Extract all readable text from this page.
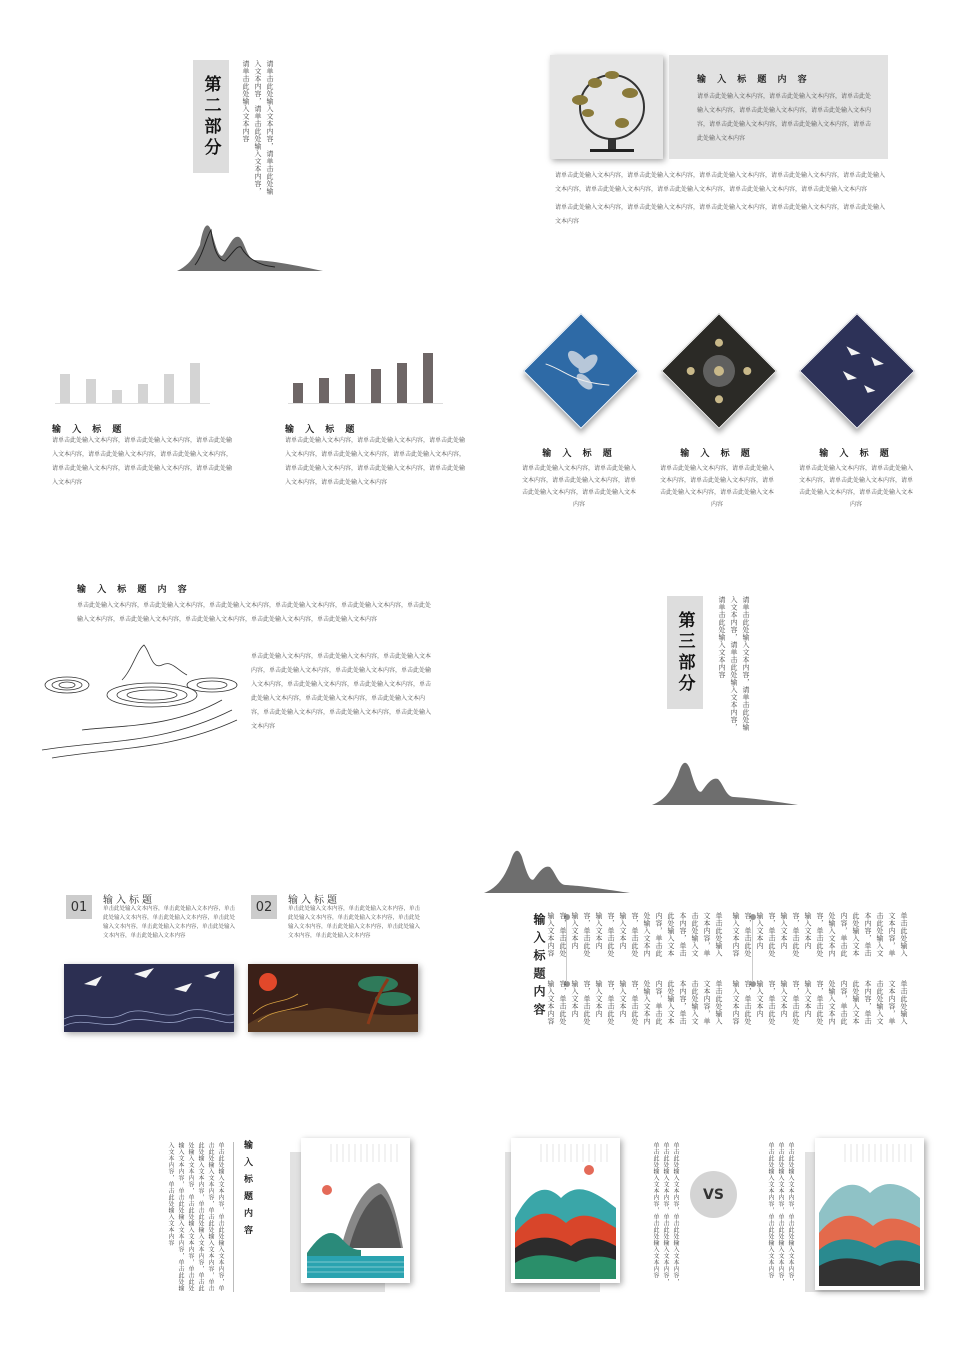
第二部分	请单击此处输入文本内容，请单击此处输入文本内容，请单击此处输入文本内容，请单击此处输入文本内容	输 入 标 题 内 容
请单击此处输入文本内容，请单击此处输入文本内容，请单击此处输入文本内容，请单击此处输入文本内容，请单击此处输入文本内容，请单击此处输入文本内容，请单击此处输入文本内容，请单击此处输入文本内容
请单击此处输入文本内容，请单击此处输入文本内容，请单击此处输入文本内容，请单击此处输入文本内容，请单击此处输入文本内容，请单击此处输入文本内容，请单击此处输入文本内容，请单击此处输入文本内容，请单击此处输入文本内容
请单击此处输入文本内容，请单击此处输入文本内容，请单击此处输入文本内容，请单击此处输入文本内容，请单击此处输入文本内容
输 入 标 题
请单击此处输入文本内容，请单击此处输入文本内容，请单击此处输入文本内容，请单击此处输入文本内容，请单击此处输入文本内容，请单击此处输入文本内容，请单击此处输入文本内容，请单击此处输入文本内容
输 入 标 题
请单击此处输入文本内容，请单击此处输入文本内容，请单击此处输入文本内容，请单击此处输入文本内容，请单击此处输入文本内容，请单击此处输入文本内容，请单击此处输入文本内容，请单击此处输入文本内容，请单击此处输入文本内容
输 入 标 题
请单击此处输入文本内容，请单击此处输入文本内容，请单击此处输入文本内容，请单击此处输入文本内容，请单击此处输入文本内容
输 入 标 题
请单击此处输入文本内容，请单击此处输入文本内容，请单击此处输入文本内容，请单击此处输入文本内容，请单击此处输入文本内容
输 入 标 题
请单击此处输入文本内容，请单击此处输入文本内容，请单击此处输入文本内容，请单击此处输入文本内容，请单击此处输入文本内容
输 入 标 题 内 容
单击此处输入文本内容，单击此处输入文本内容，单击此处输入文本内容，单击此处输入文本内容，单击此处输入文本内容，单击此处输入文本内容，单击此处输入文本内容，单击此处输入文本内容，单击此处输入文本内容，单击此处输入文本内容
单击此处输入文本内容，单击此处输入文本内容，单击此处输入文本内容，单击此处输入文本内容，单击此处输入文本内容，单击此处输入文本内容，单击此处输入文本内容，单击此处输入文本内容，单击此处输入文本内容，单击此处输入文本内容，单击此处输入文本内容，单击此处输入文本内容，单击此处输入文本内容，单击此处输入文本内容
第三部分	请单击此处输入文本内容，请单击此处输入文本内容，请单击此处输入文本内容，请单击此处输入文本内容
01	输入标题
单击此处输入文本内容，单击此处输入文本内容，单击此处输入文本内容，单击此处输入文本内容，单击此处输入文本内容，单击此处输入文本内容，单击此处输入文本内容，单击此处输入文本内容
02	输入标题
单击此处输入文本内容，单击此处输入文本内容，单击此处输入文本内容，单击此处输入文本内容，单击此处输入文本内容，单击此处输入文本内容，单击此处输入文本内容，单击此处输入文本内容	输入标题内容	单击此处输入文本内容，单击此处输入文本内容，单击此处输入文本内容，单击此处输入文本内容，单击此处输入文本内容，单击此处输入文本内容，单击此处输入文本内容，单击此处输入文本内容
单击此处输入文本内容，单击此处输入文本内容，单击此处输入文本内容，单击此处输入文本内容，单击此处输入文本内容，单击此处输入文本内容，单击此处输入文本内容，单击此处输入文本内容
单击此处输入文本内容，单击此处输入文本内容，单击此处输入文本内容，单击此处输入文本内容，单击此处输入文本内容，单击此处输入文本内容，单击此处输入文本内容，单击此处输入文本内容
单击此处输入文本内容，单击此处输入文本内容，单击此处输入文本内容，单击此处输入文本内容，单击此处输入文本内容，单击此处输入文本内容，单击此处输入文本内容，单击此处输入文本内容
单击此处输入文本内容，单击此处输入文本内容，单击此处输入文本内容，单击此处输入文本内容，单击此处输入文本内容，单击此处输入文本内容，单击此处输入文本内容，单击此处输入文本内容，单击此处输入文本内容，单击此处输入文本内容，单击此处输入文本内容，单击此处输入文本内容	输入标题内容	单击此处输入文本内容，单击此处输入文本内容，单击此处输入文本内容，单击此处输入文本内容，单击此处输入文本内容，单击此处输入文本内容	VS	单击此处输入文本内容，单击此处输入文本内容，单击此处输入文本内容，单击此处输入文本内容，单击此处输入文本内容，单击此处输入文本内容
